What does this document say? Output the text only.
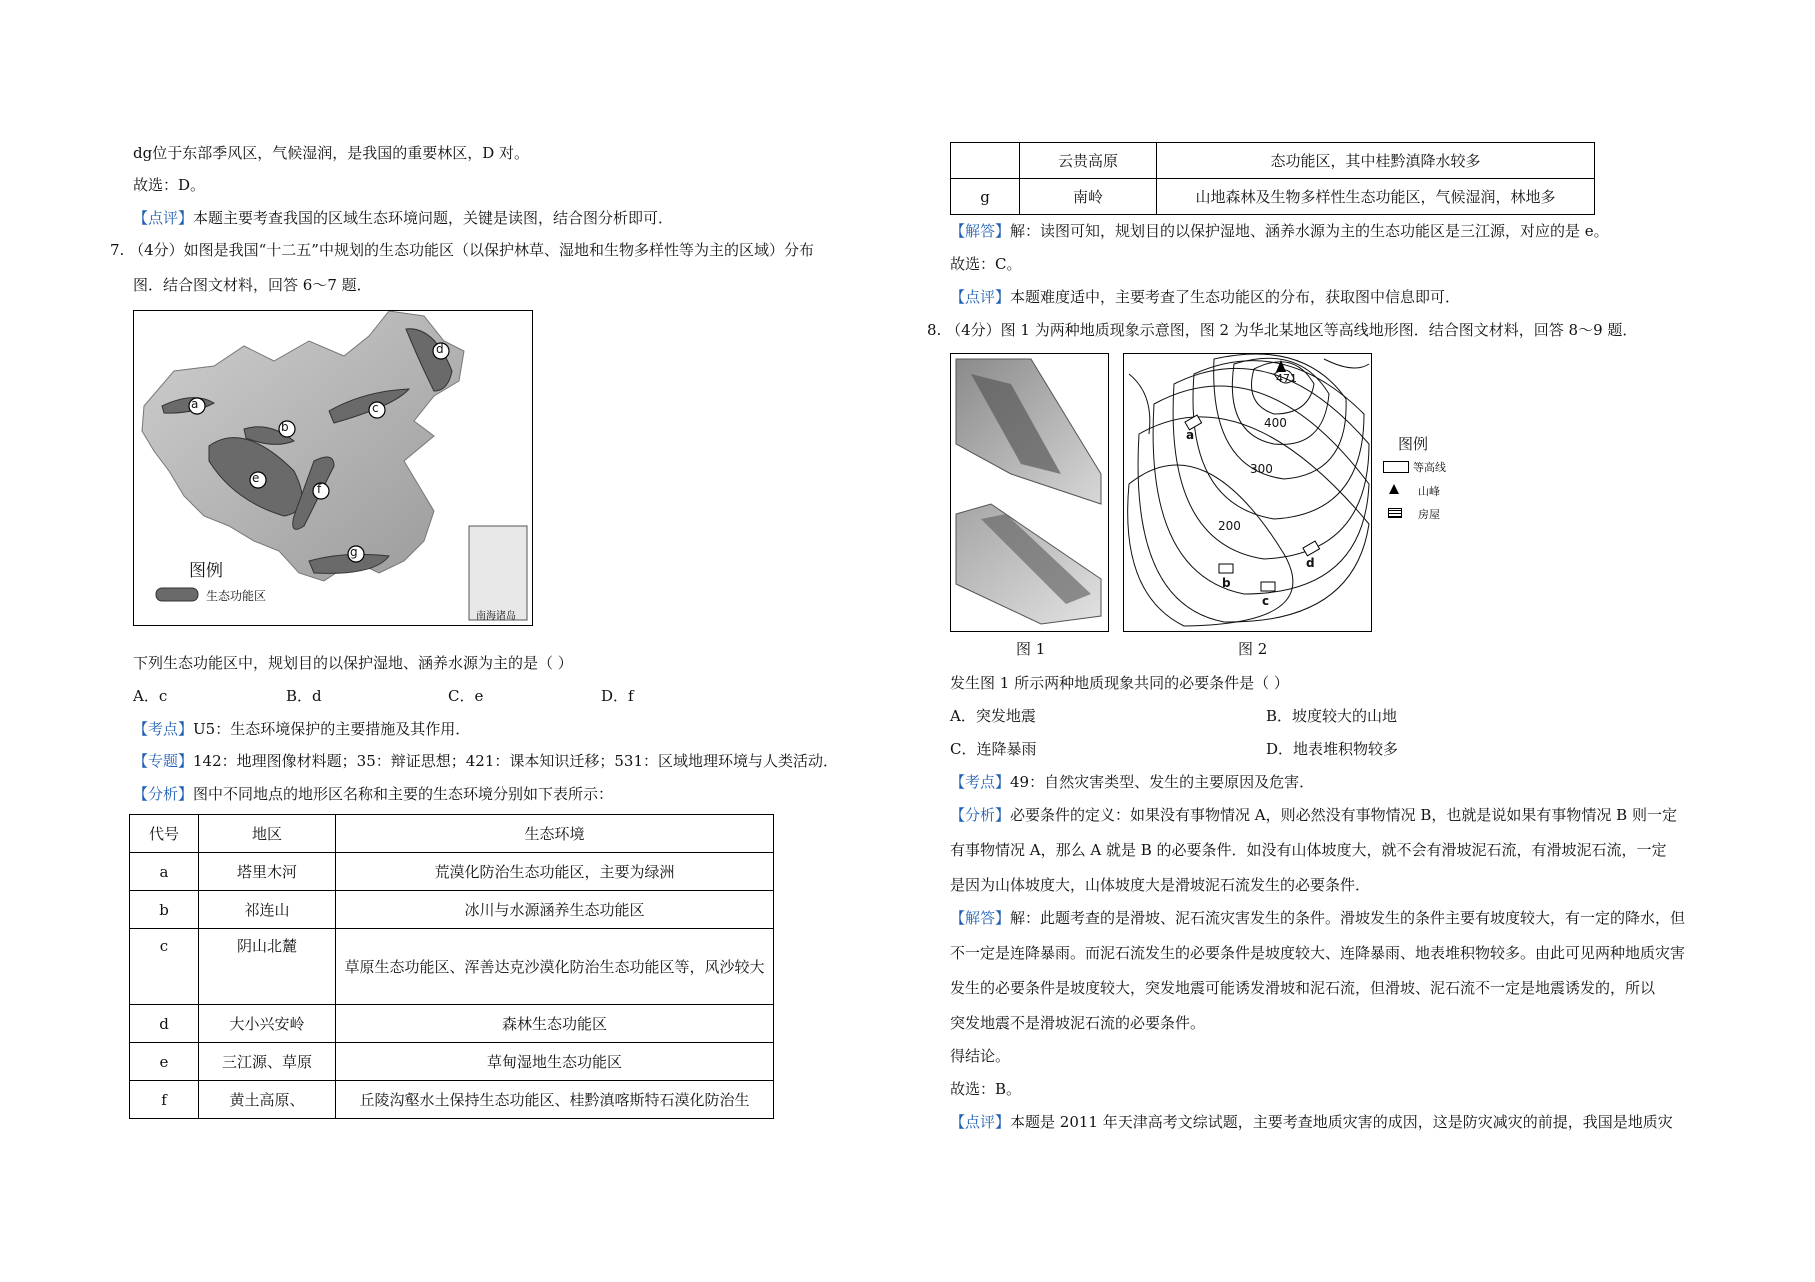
dg位于东部季风区，气候湿润，是我国的重要林区，D 对。
故选：D。
【点评】本题主要考查我国的区域生态环境问题，关键是读图，结合图分析即可．
7. （4分）如图是我国“十二五”中规划的生态功能区（以保护林草、湿地和生物多样性等为主的区域）分布
图．结合图文材料，回答 6～7 题．
a
b
c
d
e
f
g
图例
生态功能区
南海诸岛
下列生态功能区中，规划目的以保护湿地、涵养水源为主的是（ ）
A．c	B．d	C．e	D．f
【考点】U5：生态环境保护的主要措施及其作用．
【专题】142：地理图像材料题；35：辩证思想；421：课本知识迁移；531：区域地理环境与人类活动．
【分析】图中不同地点的地形区名称和主要的生态环境分别如下表所示：
代号	地区	生态环境
a	塔里木河	荒漠化防治生态功能区，主要为绿洲
b	祁连山	冰川与水源涵养生态功能区
c	阴山北麓	草原生态功能区、浑善达克沙漠化防治生态功能区等，风沙较大
d	大小兴安岭	森林生态功能区
e	三江源、草原	草甸湿地生态功能区
f	黄土高原、	丘陵沟壑水土保持生态功能区、桂黔滇喀斯特石漠化防治生
	云贵高原	态功能区，其中桂黔滇降水较多
g	南岭	山地森林及生物多样性生态功能区，气候湿润，林地多
【解答】解：读图可知，规划目的以保护湿地、涵养水源为主的生态功能区是三江源，对应的是 e。
故选：C。
【点评】本题难度适中，主要考查了生态功能区的分布，获取图中信息即可．
8. （4分）图 1 为两种地质现象示意图，图 2 为华北某地区等高线地形图．结合图文材料，回答 8～9 题．
图 1
471
400
300
200
a
b
c
d
图 2
图例
等高线
山峰
房屋
发生图 1 所示两种地质现象共同的必要条件是（ ）
A．突发地震	B．坡度较大的山地
C．连降暴雨	D．地表堆积物较多
【考点】49：自然灾害类型、发生的主要原因及危害．
【分析】必要条件的定义：如果没有事物情况 A，则必然没有事物情况 B，也就是说如果有事物情况 B 则一定
有事物情况 A，那么 A 就是 B 的必要条件．如没有山体坡度大，就不会有滑坡泥石流，有滑坡泥石流，一定
是因为山体坡度大，山体坡度大是滑坡泥石流发生的必要条件．
【解答】解：此题考查的是滑坡、泥石流灾害发生的条件。滑坡发生的条件主要有坡度较大，有一定的降水，但
不一定是连降暴雨。而泥石流发生的必要条件是坡度较大、连降暴雨、地表堆积物较多。由此可见两种地质灾害
发生的必要条件是坡度较大，突发地震可能诱发滑坡和泥石流，但滑坡、泥石流不一定是地震诱发的，所以
突发地震不是滑坡泥石流的必要条件。
得结论。
故选：B。
【点评】本题是 2011 年天津高考文综试题，主要考查地质灾害的成因，这是防灾减灾的前提，我国是地质灾
